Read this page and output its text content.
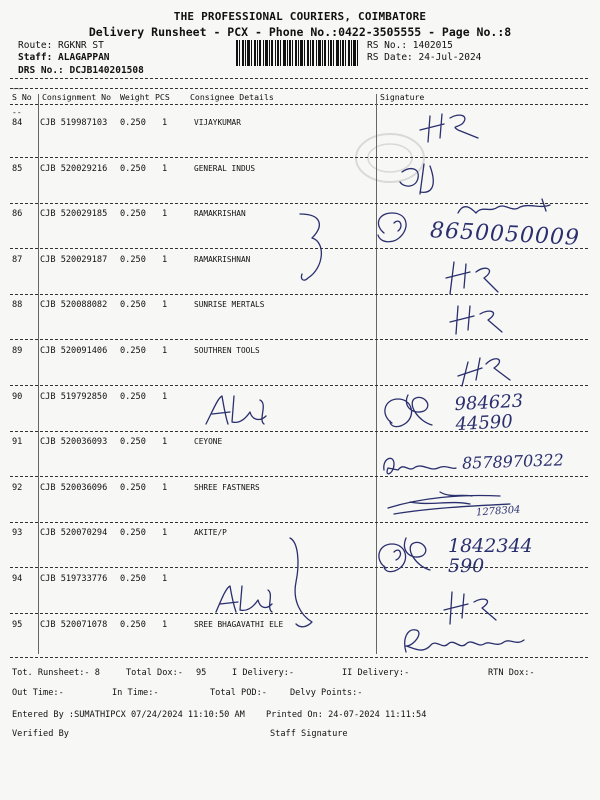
THE PROFESSIONAL COURIERS, COIMBATORE
Delivery Runsheet - PCX - Phone No.:0422-3505555 - Page No.:8
Route: RGKNR ST
Staff: ALAGAPPAN
DRS No.: DCJB140201508
RS No.: 1402015
RS Date: 24-Jul-2024
--
S No Consignment No Weight PCS Consignee Details	Signature
--
84 CJB 519987103 0.250 1	VIJAYKUMAR
85 CJB 520029216 0.250 1	GENERAL INDUS
86 CJB 520029185 0.250 1	RAMAKRISHAN
87 CJB 520029187 0.250 1	RAMAKRISHNAN
88 CJB 520088082 0.250 1	SUNRISE MERTALS
89 CJB 520091406 0.250 1	SOUTHREN TOOLS
90 CJB 519792850 0.250 1
91 CJB 520036093 0.250 1	CEYONE
92 CJB 520036096 0.250 1	SHREE FASTNERS
93 CJB 520070294 0.250 1	AKITE/P
94 CJB 519733776 0.250 1
95 CJB 520071078 0.250 1	SREE BHAGAVATHI ELE
8650050009
984623 44590
8578970322
1278304
1842344 590
Tot. Runsheet:- 8	Total Dox:- 95	I Delivery:-	II Delivery:-	RTN Dox:-
Out Time:-	In Time:-	Total POD:-	Delvy Points:-
Entered By :SUMATHIPCX 07/24/2024 11:10:50 AM Printed On: 24-07-2024 11:11:54
Verified By	Staff Signature
